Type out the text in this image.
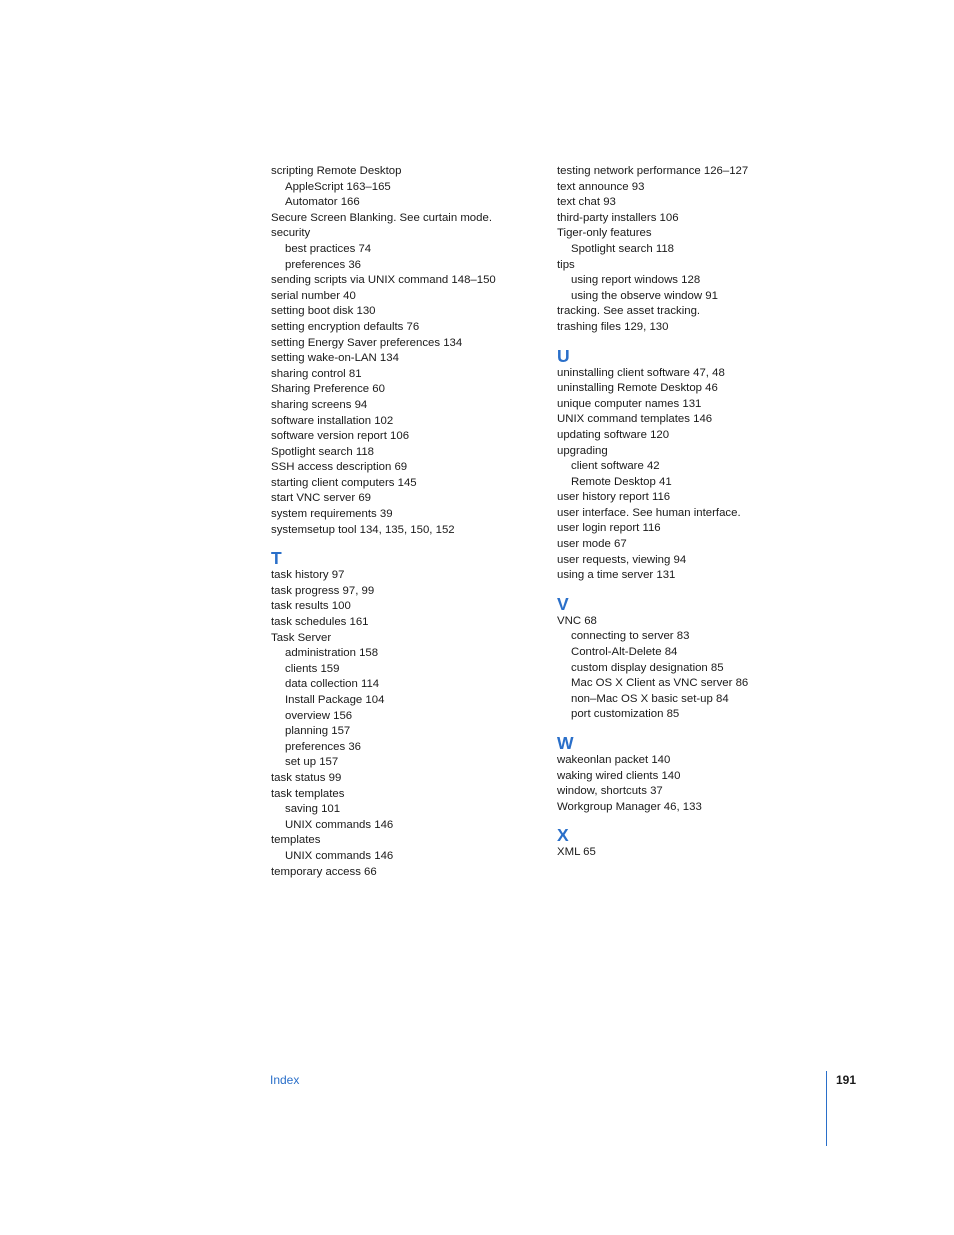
scripting Remote Desktop
AppleScript 163–165
Automator 166
Secure Screen Blanking. See curtain mode.
security
best practices 74
preferences 36
sending scripts via UNIX command 148–150
serial number 40
setting boot disk 130
setting encryption defaults 76
setting Energy Saver preferences 134
setting wake-on-LAN 134
sharing control 81
Sharing Preference 60
sharing screens 94
software installation 102
software version report 106
Spotlight search 118
SSH access description 69
starting client computers 145
start VNC server 69
system requirements 39
systemsetup tool 134, 135, 150, 152
T
task history 97
task progress 97, 99
task results 100
task schedules 161
Task Server
administration 158
clients 159
data collection 114
Install Package 104
overview 156
planning 157
preferences 36
set up 157
task status 99
task templates
saving 101
UNIX commands 146
templates
UNIX commands 146
temporary access 66
testing network performance 126–127
text announce 93
text chat 93
third-party installers 106
Tiger-only features
Spotlight search 118
tips
using report windows 128
using the observe window 91
tracking. See asset tracking.
trashing files 129, 130
U
uninstalling client software 47, 48
uninstalling Remote Desktop 46
unique computer names 131
UNIX command templates 146
updating software 120
upgrading
client software 42
Remote Desktop 41
user history report 116
user interface. See human interface.
user login report 116
user mode 67
user requests, viewing 94
using a time server 131
V
VNC 68
connecting to server 83
Control-Alt-Delete 84
custom display designation 85
Mac OS X Client as VNC server 86
non–Mac OS X basic set-up 84
port customization 85
W
wakeonlan packet 140
waking wired clients 140
window, shortcuts 37
Workgroup Manager 46, 133
X
XML 65
Index	191
